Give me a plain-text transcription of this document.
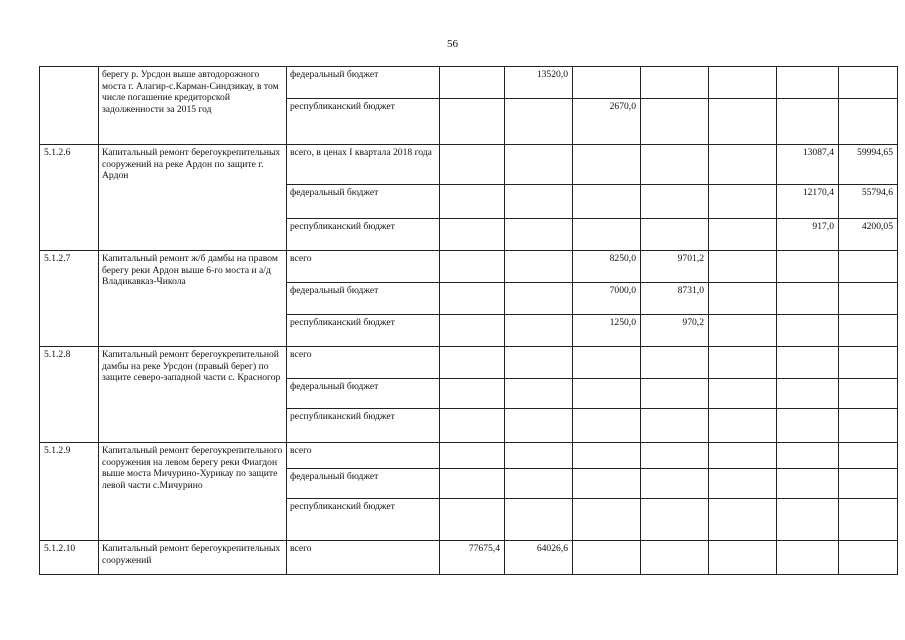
56
	берегу р. Урсдон выше автодорожного моста г. Алагир-с.Карман-Синдзикау, в том числе погашение кредиторской задолженности за 2015 год	федеральный бюджет		13520,0					
		республиканский бюджет			2670,0				
5.1.2.6	Капитальный ремонт берегоукрепительных сооружений на реке Ардон по защите г. Ардон	всего, в ценах I квартала 2018 года						13087,4	59994,65
		федеральный бюджет						12170,4	55794,6
		республиканский бюджет						917,0	4200,05
5.1.2.7	Капитальный ремонт ж/б дамбы на правом берегу реки Ардон выше 6-го моста и а/д Владикавказ-Чикола	всего			8250,0	9701,2			
		федеральный бюджет			7000,0	8731,0			
		республиканский бюджет			1250,0	970,2			
5.1.2.8	Капитальный ремонт берегоукрепительной дамбы на реке Урсдон (правый берег) по защите северо-западной части с. Красногор	всего							
		федеральный бюджет							
		республиканский бюджет							
5.1.2.9	Капитальный ремонт берегоукрепительного сооружения на левом берегу реки Фиагдон выше моста Мичурино-Хурикау по защите левой части с.Мичурино	всего							
		федеральный бюджет							
		республиканский бюджет							
5.1.2.10	Капитальный ремонт берегоукрепительных сооружений	всего	77675,4	64026,6					
